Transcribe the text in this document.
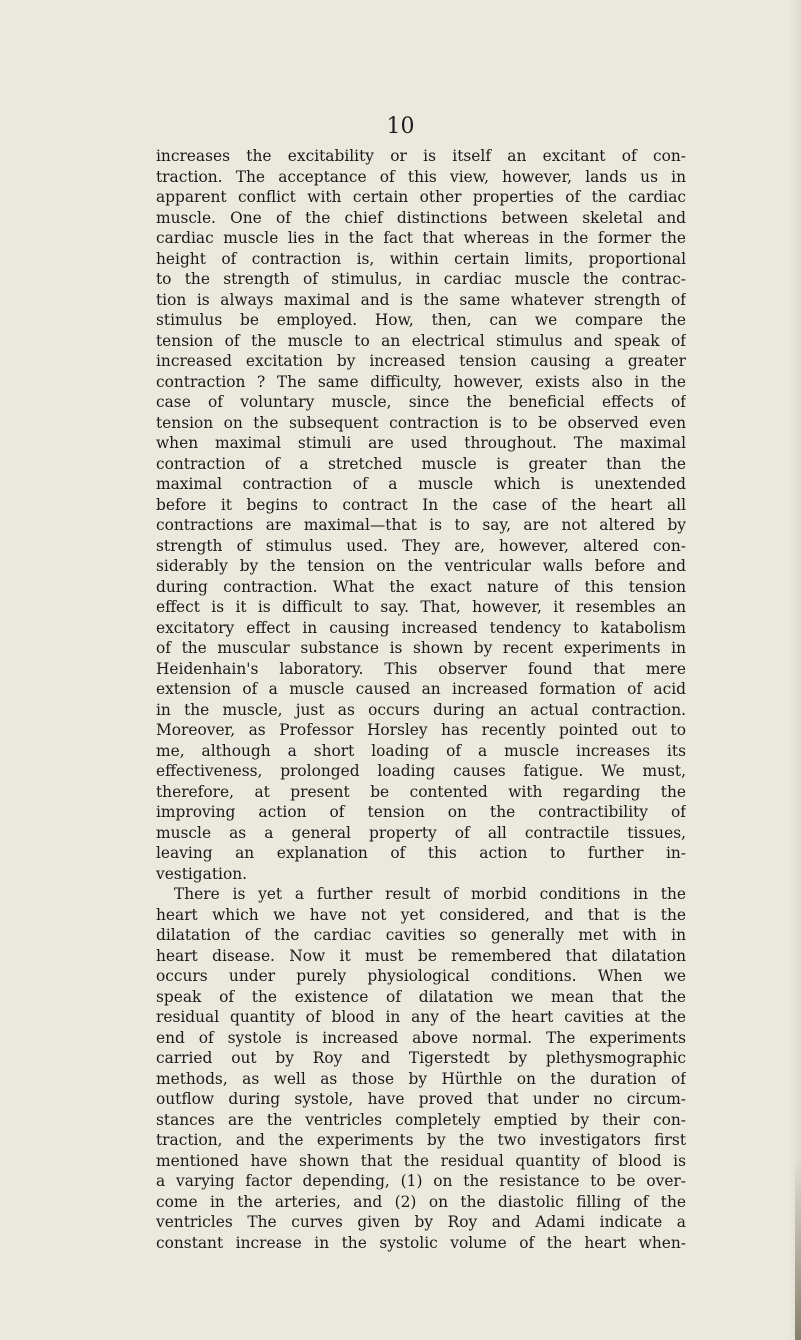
10
increases the excitability or is itself an excitant of con-
traction. The acceptance of this view, however, lands us in
apparent conflict with certain other properties of the cardiac
muscle. One of the chief distinctions between skeletal and
cardiac muscle lies in the fact that whereas in the former the
height of contraction is, within certain limits, proportional
to the strength of stimulus, in cardiac muscle the contrac-
tion is always maximal and is the same whatever strength of
stimulus be employed. How, then, can we compare the
tension of the muscle to an electrical stimulus and speak of
increased excitation by increased tension causing a greater
contraction ? The same difficulty, however, exists also in the
case of voluntary muscle, since the beneficial effects of
tension on the subsequent contraction is to be observed even
when maximal stimuli are used throughout. The maximal
contraction of a stretched muscle is greater than the
maximal contraction of a muscle which is unextended
before it begins to contract In the case of the heart all
contractions are maximal—that is to say, are not altered by
strength of stimulus used. They are, however, altered con-
siderably by the tension on the ventricular walls before and
during contraction. What the exact nature of this tension
effect is it is difficult to say. That, however, it resembles an
excitatory effect in causing increased tendency to katabolism
of the muscular substance is shown by recent experiments in
Heidenhain's laboratory. This observer found that mere
extension of a muscle caused an increased formation of acid
in the muscle, just as occurs during an actual contraction.
Moreover, as Professor Horsley has recently pointed out to
me, although a short loading of a muscle increases its
effectiveness, prolonged loading causes fatigue. We must,
therefore, at present be contented with regarding the
improving action of tension on the contractibility of
muscle as a general property of all contractile tissues,
leaving an explanation of this action to further in-
vestigation.
There is yet a further result of morbid conditions in the
heart which we have not yet considered, and that is the
dilatation of the cardiac cavities so generally met with in
heart disease. Now it must be remembered that dilatation
occurs under purely physiological conditions. When we
speak of the existence of dilatation we mean that the
residual quantity of blood in any of the heart cavities at the
end of systole is increased above normal. The experiments
carried out by Roy and Tigerstedt by plethysmographic
methods, as well as those by Hürthle on the duration of
outflow during systole, have proved that under no circum-
stances are the ventricles completely emptied by their con-
traction, and the experiments by the two investigators first
mentioned have shown that the residual quantity of blood is
a varying factor depending, (1) on the resistance to be over-
come in the arteries, and (2) on the diastolic filling of the
ventricles The curves given by Roy and Adami indicate a
constant increase in the systolic volume of the heart when-
